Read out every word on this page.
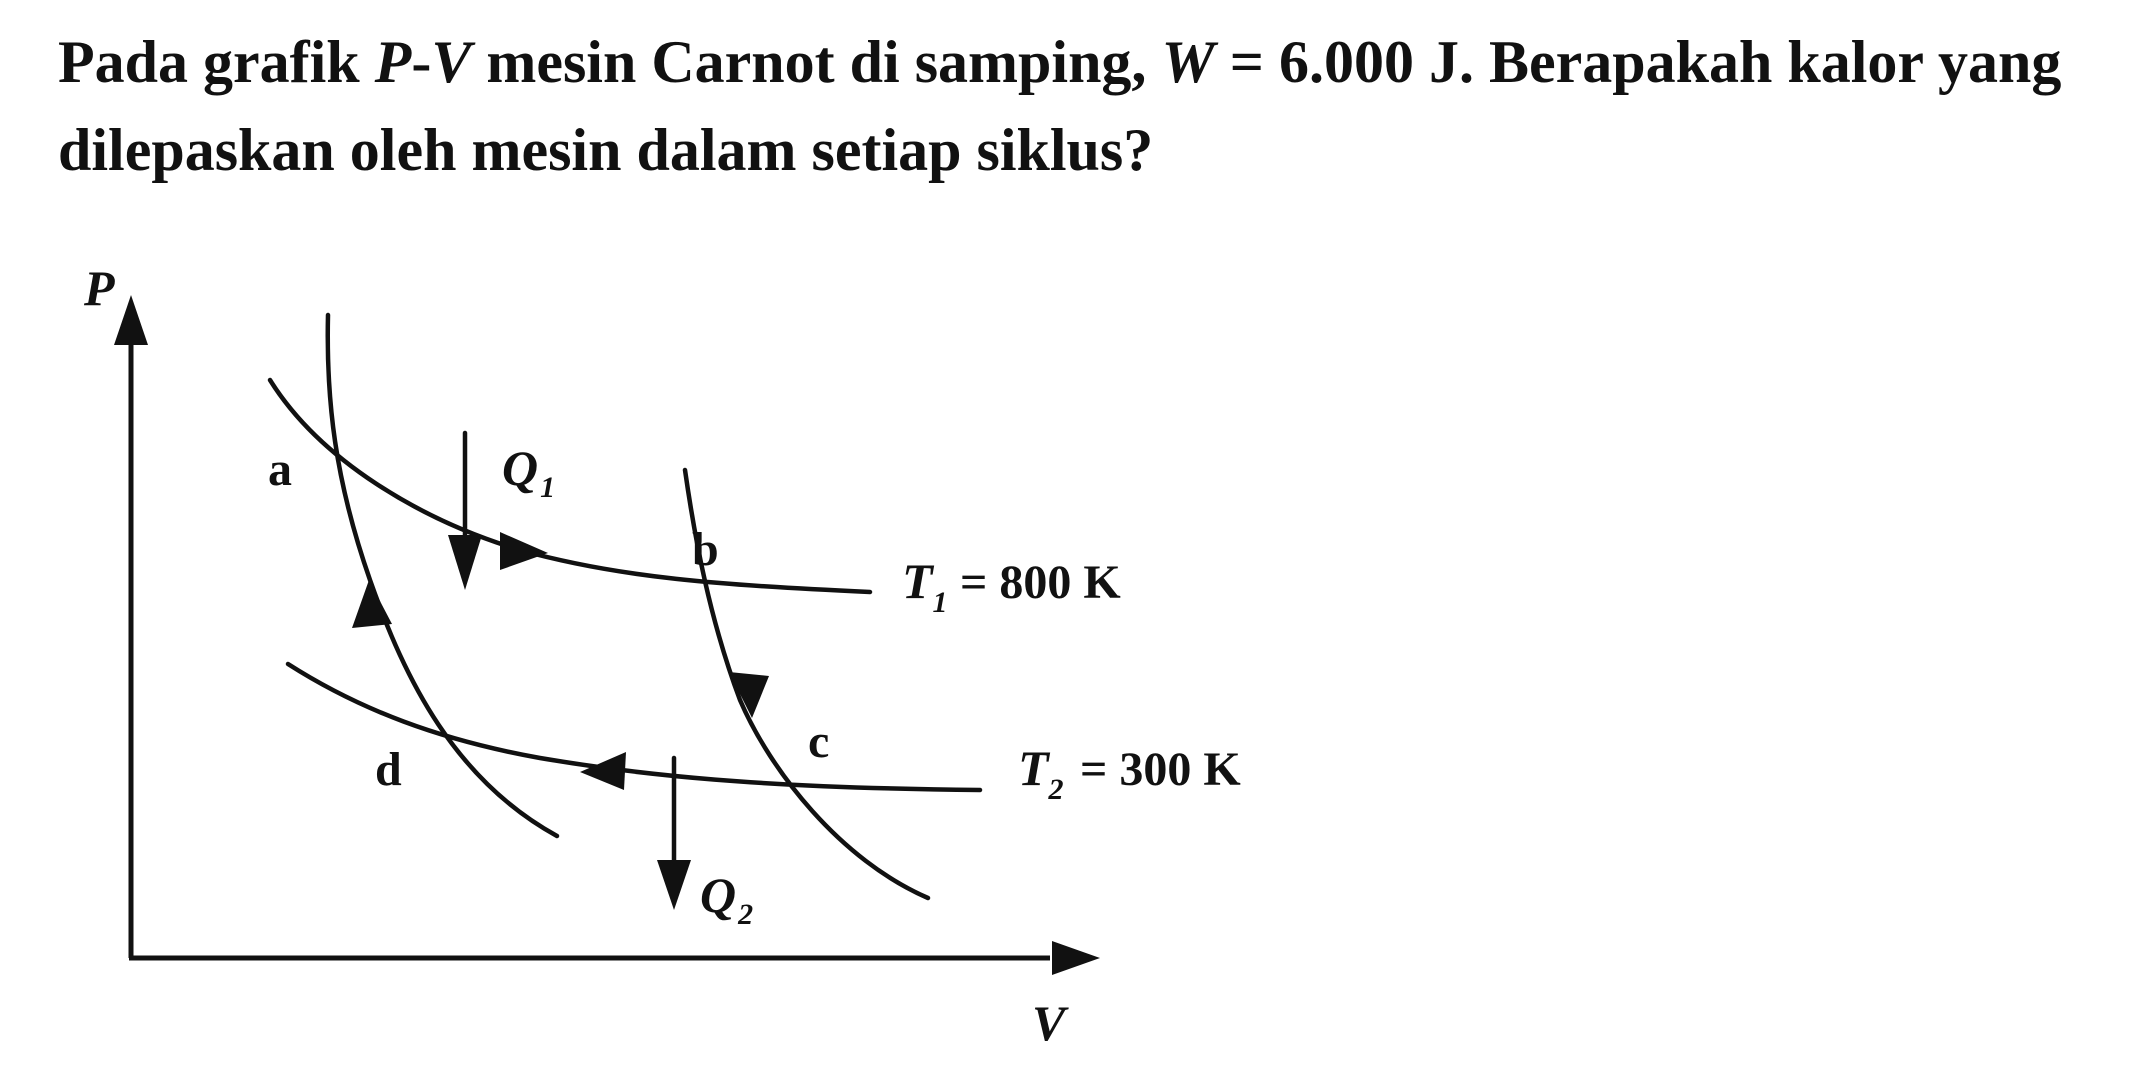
Pada grafik P-V mesin Carnot di samping, W = 6.000 J. Berapakah kalor yang dilepaskan oleh mesin dalam setiap siklus?
P
V
a
b
c
d
$Q_1$
$Q_2$
$T_1 = 800$ K
$T_2 = 300$ K
